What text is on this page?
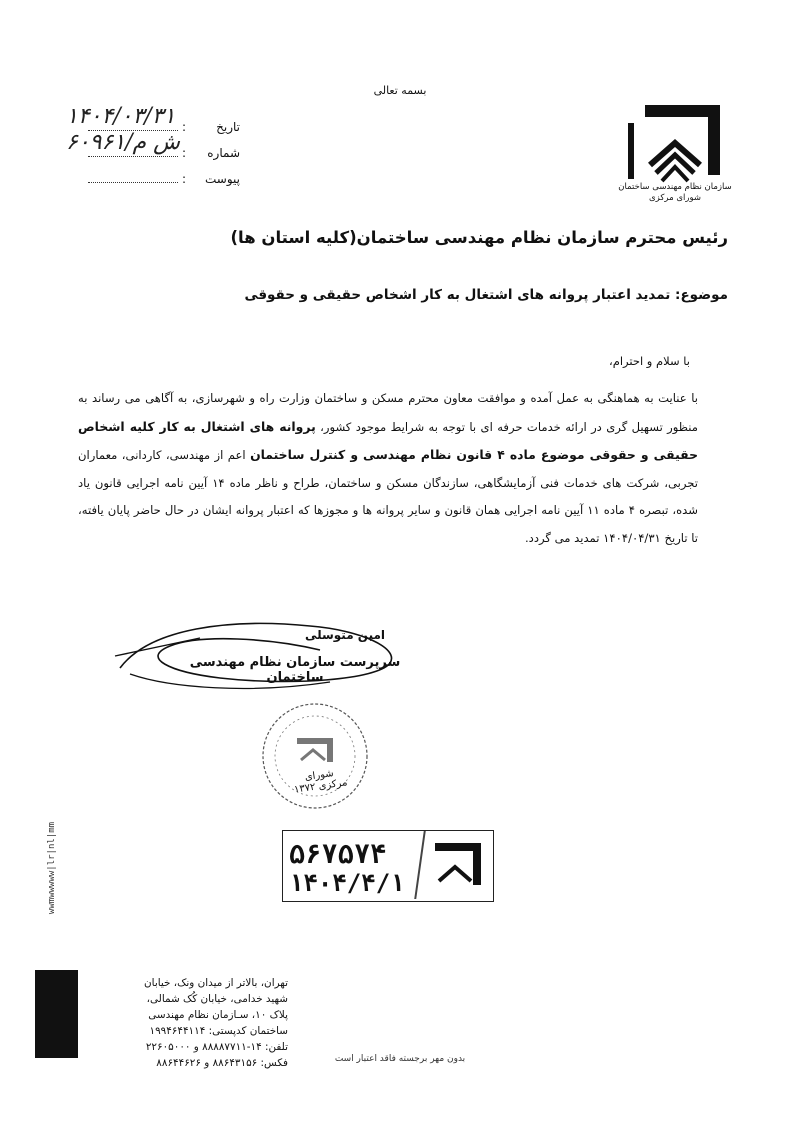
بسمه تعالی
سازمان نظام مهندسی ساختمان
شورای مرکزی
تاریخ
:
۱۴۰۴/۰۳/۳۱
شماره
:
۶۰۹۶۱/ش م
پیوست
:
رئیس محترم سازمان نظام مهندسی ساختمان(کلیه استان ها)
موضوع: تمدید اعتبار پروانه های اشتغال به کار اشخاص حقیقی و حقوقی
با سلام و احترام،
با عنایت به هماهنگی به عمل آمده و موافقت معاون محترم مسکن و ساختمان وزارت راه و شهرسازی، به آگاهی می رساند به منظور تسهیل گری در ارائه خدمات حرفه ای با توجه به شرایط موجود کشور، پروانه های اشتغال به کار کلیه اشخاص حقیقی و حقوقی موضوع ماده ۴ قانون نظام مهندسی و کنترل ساختمان اعم از مهندسی، کاردانی، معماران تجربی، شرکت های خدمات فنی آزمایشگاهی، سازندگان مسکن و ساختمان، طراح و ناظر ماده ۱۴ آیین نامه اجرایی قانون یاد شده، تبصره ۴ ماده ۱۱ آیین نامه اجرایی همان قانون و سایر پروانه ها و مجوزها که اعتبار پروانه ایشان در حال حاضر پایان یافته، تا تاریخ ۱۴۰۴/۰۴/۳۱ تمدید می گردد.
امین متوسلی
سرپرست سازمان نظام مهندسی ساختمان
شورای مرکزی ۱۳۷۲
۵۶۷۵۷۴
۱۴۰۴/۴/۱
wwmwwwww|lr|nl|mm
تهران، بالاتر از میدان ونک، خیابان
شهید خدامی، خیابان کُک شمالی،
پلاک ۱۰، سـازمان نظام مهندسی
ساختمان کدپستی: ۱۹۹۴۶۴۴۱۱۴
تلفن: ۱۴-۸۸۸۸۷۷۱۱ و ۲۲۶۰۵۰۰۰
فکس: ۸۸۶۴۳۱۵۶ و ۸۸۶۴۴۶۲۶	بدون مهر برجسته فاقد اعتبار است
